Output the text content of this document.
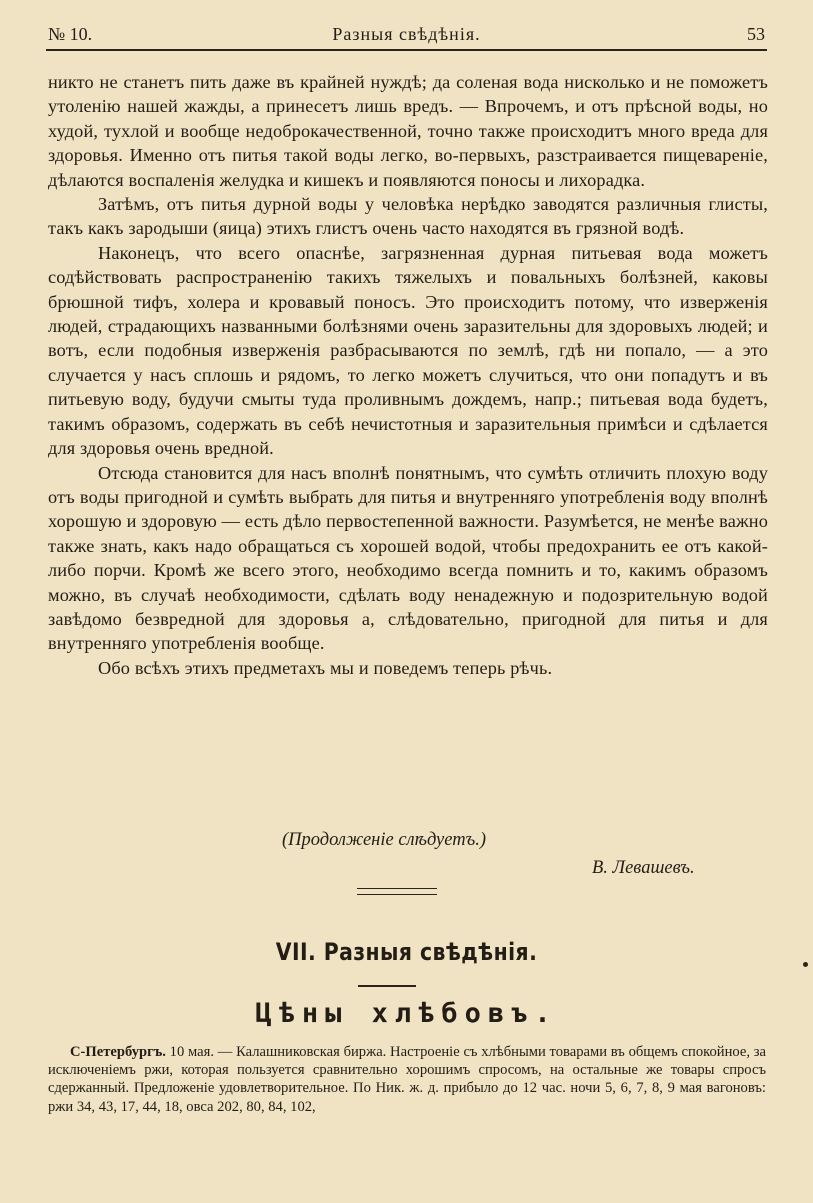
№ 10.	Разныя свѣдѣнія.	53

никто не станетъ пить даже въ крайней нуждѣ; да соленая вода нисколько и не поможетъ утоленію нашей жажды, а принесетъ лишь вредъ. — Впрочемъ, и отъ прѣсной воды, но худой, тухлой и вообще недоброкачественной, точно также происходитъ много вреда для здоровья. Именно отъ питья такой воды легко, во-первыхъ, разстраивается пищевареніе, дѣлаются воспаленія желудка и кишекъ и появляются поносы и лихорадка.

Затѣмъ, отъ питья дурной воды у человѣка нерѣдко заводятся различныя глисты, такъ какъ зародыши (яица) этихъ глистъ очень часто находятся въ грязной водѣ.

Наконецъ, что всего опаснѣе, загрязненная дурная питьевая вода можетъ содѣйствовать распространенію такихъ тяжелыхъ и повальныхъ болѣзней, каковы брюшной тифъ, холера и кровавый поносъ. Это происходитъ потому, что изверженія людей, страдающихъ названными болѣзнями очень заразительны для здоровыхъ людей; и вотъ, если подобныя изверженія разбрасываются по землѣ, гдѣ ни попало, — а это случается у насъ сплошь и рядомъ, то легко можетъ случиться, что они попадутъ и въ питьевую воду, будучи смыты туда проливнымъ дождемъ, напр.; питьевая вода будетъ, такимъ образомъ, содержать въ себѣ нечистотныя и заразительныя примѣси и сдѣлается для здоровья очень вредной.

Отсюда становится для насъ вполнѣ понятнымъ, что сумѣть отличить плохую воду отъ воды пригодной и сумѣть выбрать для питья и внутренняго употребленія воду вполнѣ хорошую и здоровую — есть дѣло первостепенной важности. Разумѣется, не менѣе важно также знать, какъ надо обращаться съ хорошей водой, чтобы предохранить ее отъ какой-либо порчи. Кромѣ же всего этого, необходимо всегда помнить и то, какимъ образомъ можно, въ случаѣ необходимости, сдѣлать воду ненадежную и подозрительную водой завѣдомо безвредной для здоровья а, слѣдовательно, пригодной для питья и для внутренняго употребленія вообще.

Обо всѣхъ этихъ предметахъ мы и поведемъ теперь рѣчь.

(Продолженіе слѣдуетъ.)
В. Левашевъ.
VII. Разныя свѣдѣнія.
Цѣны хлѣбовъ.

С-Петербургъ. 10 мая. — Калашниковская биржа. Настроеніе съ хлѣбными товарами въ общемъ спокойное, за исключеніемъ ржи, которая пользуется сравнительно хорошимъ спросомъ, на остальные же товары спросъ сдержанный. Предложеніе удовлетворительное. По Ник. ж. д. прибыло до 12 час. ночи 5, 6, 7, 8, 9 мая вагоновъ: ржи 34, 43, 17, 44, 18, овса 202, 80, 84, 102,
